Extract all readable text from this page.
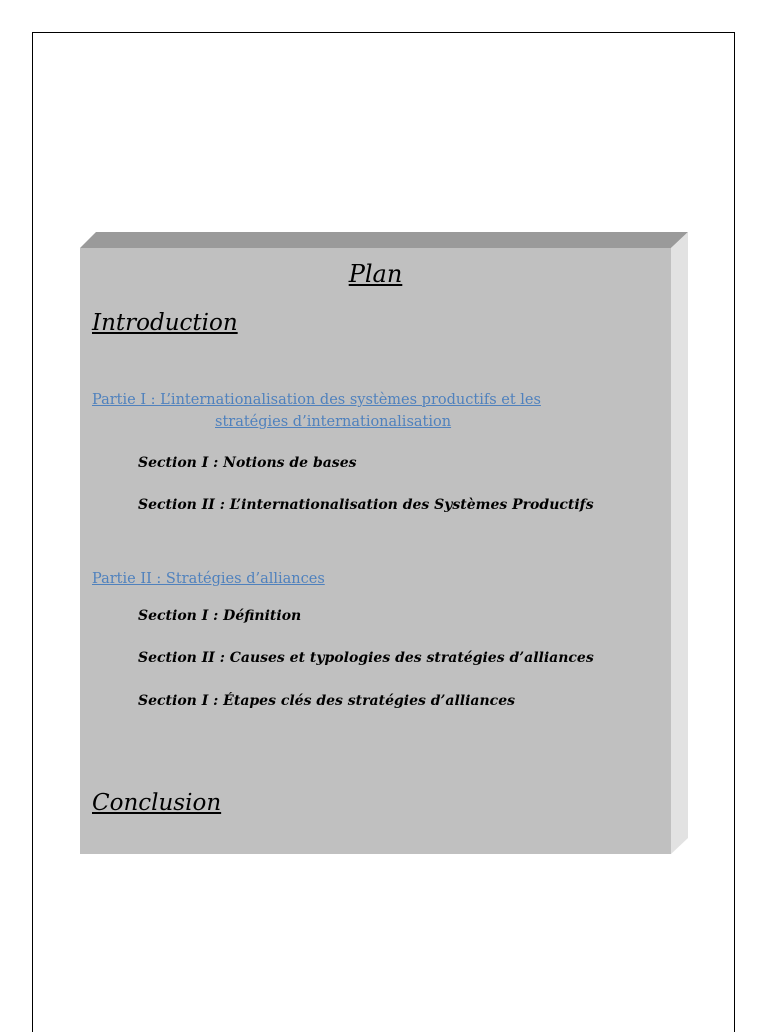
Plan
Introduction
Partie I : L’internationalisation des systèmes productifs et les
stratégies d’internationalisation
Section I : Notions de bases
Section II : L’internationalisation des Systèmes Productifs
Partie II : Stratégies d’alliances
Section I : Définition
Section II : Causes et typologies des stratégies d’alliances
Section I : Étapes clés des stratégies d’alliances
Conclusion
